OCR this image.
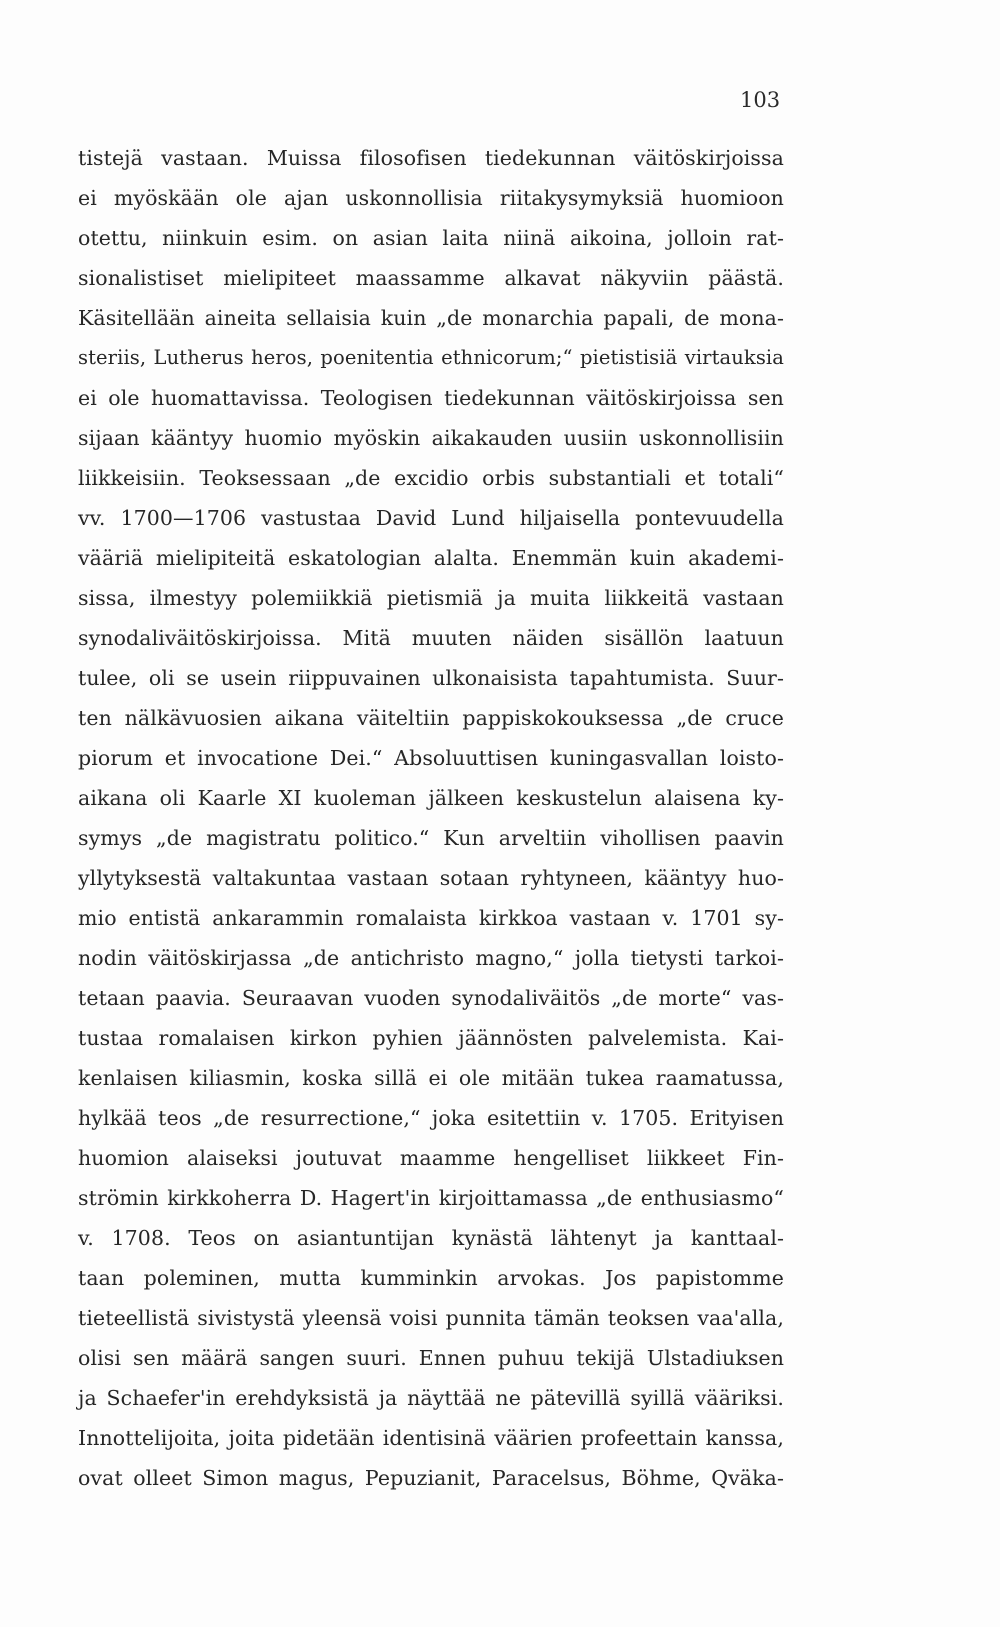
103
tistejä vastaan. Muissa filosofisen tiedekunnan väitöskirjoissa
ei myöskään ole ajan uskonnollisia riitakysymyksiä huomioon
otettu, niinkuin esim. on asian laita niinä aikoina, jolloin rat-
sionalistiset mielipiteet maassamme alkavat näkyviin päästä.
Käsitellään aineita sellaisia kuin „de monarchia papali, de mona-
steriis, Lutherus heros, poenitentia ethnicorum;“ pietistisiä virtauksia
ei ole huomattavissa. Teologisen tiedekunnan väitöskirjoissa sen
sijaan kääntyy huomio myöskin aikakauden uusiin uskonnollisiin
liikkeisiin. Teoksessaan „de excidio orbis substantiali et totali“
vv. 1700—1706 vastustaa David Lund hiljaisella pontevuudella
vääriä mielipiteitä eskatologian alalta. Enemmän kuin akademi-
sissa, ilmestyy polemiikkiä pietismiä ja muita liikkeitä vastaan
synodaliväitöskirjoissa. Mitä muuten näiden sisällön laatuun
tulee, oli se usein riippuvainen ulkonaisista tapahtumista. Suur-
ten nälkävuosien aikana väiteltiin pappiskokouksessa „de cruce
piorum et invocatione Dei.“ Absoluuttisen kuningasvallan loisto-
aikana oli Kaarle XI kuoleman jälkeen keskustelun alaisena ky-
symys „de magistratu politico.“ Kun arveltiin vihollisen paavin
yllytyksestä valtakuntaa vastaan sotaan ryhtyneen, kääntyy huo-
mio entistä ankarammin romalaista kirkkoa vastaan v. 1701 sy-
nodin väitöskirjassa „de antichristo magno,“ jolla tietysti tarkoi-
tetaan paavia. Seuraavan vuoden synodaliväitös „de morte“ vas-
tustaa romalaisen kirkon pyhien jäännösten palvelemista. Kai-
kenlaisen kiliasmin, koska sillä ei ole mitään tukea raamatussa,
hylkää teos „de resurrectione,“ joka esitettiin v. 1705. Erityisen
huomion alaiseksi joutuvat maamme hengelliset liikkeet Fin-
strömin kirkkoherra D. Hagert'in kirjoittamassa „de enthusiasmo“
v. 1708. Teos on asiantuntijan kynästä lähtenyt ja kanttaal-
taan poleminen, mutta kumminkin arvokas. Jos papistomme
tieteellistä sivistystä yleensä voisi punnita tämän teoksen vaa'alla,
olisi sen määrä sangen suuri. Ennen puhuu tekijä Ulstadiuksen
ja Schaefer'in erehdyksistä ja näyttää ne pätevillä syillä vääriksi.
Innottelijoita, joita pidetään identisinä väärien profeettain kanssa,
ovat olleet Simon magus, Pepuzianit, Paracelsus, Böhme, Qväka-
